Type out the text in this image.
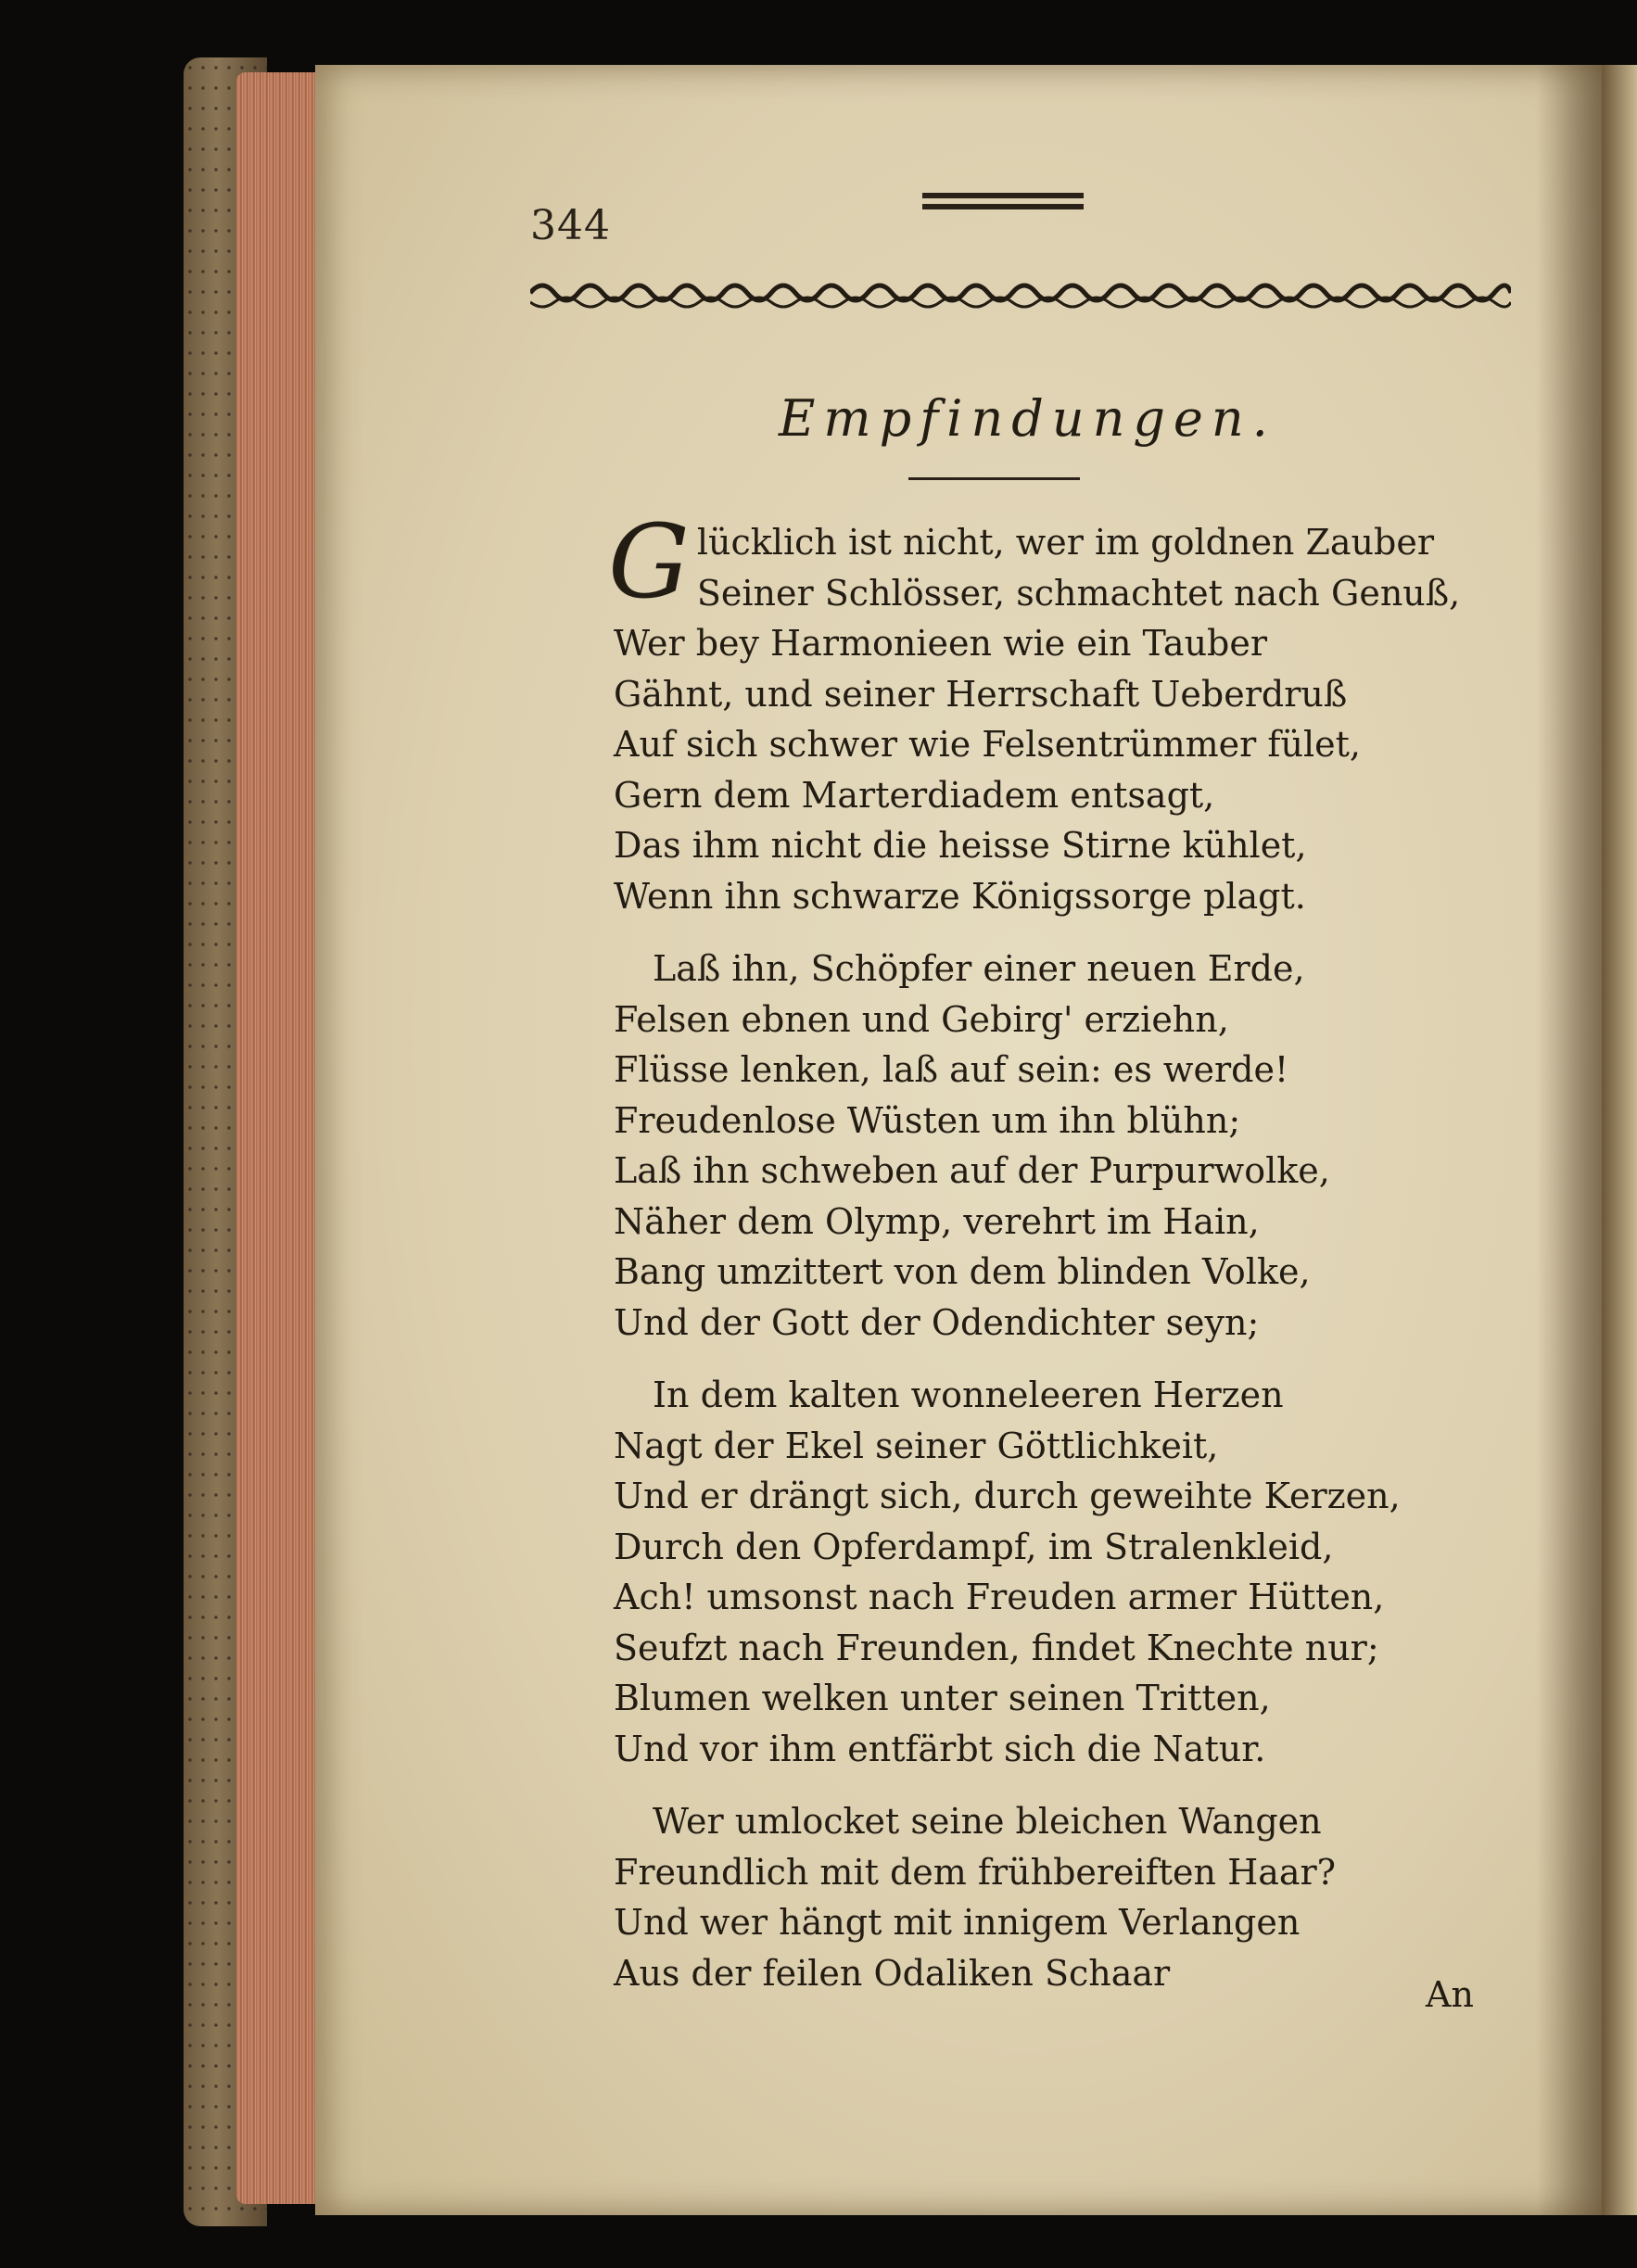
344
Empfindungen.
Glücklich ist nicht, wer im goldnen Zauber
Seiner Schlösser, schmachtet nach Genuß,
Wer bey Harmonieen wie ein Tauber
Gähnt, und seiner Herrschaft Ueberdruß
Auf sich schwer wie Felsentrümmer fület,
Gern dem Marterdiadem entsagt,
Das ihm nicht die heisse Stirne kühlet,
Wenn ihn schwarze Königssorge plagt.
Laß ihn, Schöpfer einer neuen Erde,
Felsen ebnen und Gebirg' erziehn,
Flüsse lenken, laß auf sein: es werde!
Freudenlose Wüsten um ihn blühn;
Laß ihn schweben auf der Purpurwolke,
Näher dem Olymp, verehrt im Hain,
Bang umzittert von dem blinden Volke,
Und der Gott der Odendichter seyn;
In dem kalten wonneleeren Herzen
Nagt der Ekel seiner Göttlichkeit,
Und er drängt sich, durch geweihte Kerzen,
Durch den Opferdampf, im Stralenkleid,
Ach! umsonst nach Freuden armer Hütten,
Seufzt nach Freunden, findet Knechte nur;
Blumen welken unter seinen Tritten,
Und vor ihm entfärbt sich die Natur.
Wer umlocket seine bleichen Wangen
Freundlich mit dem frühbereiften Haar?
Und wer hängt mit innigem Verlangen
Aus der feilen Odaliken Schaar
An
